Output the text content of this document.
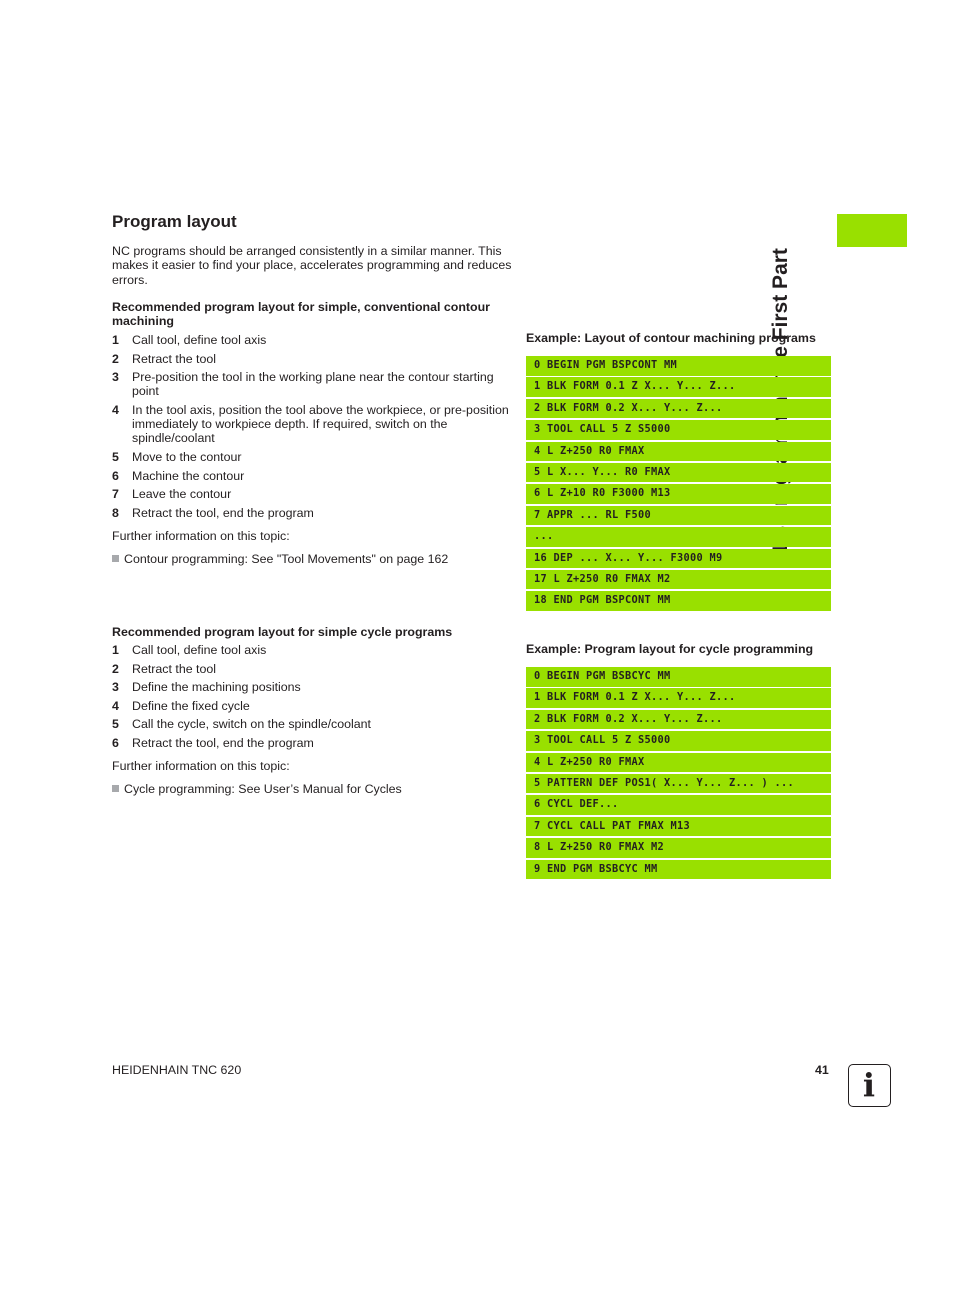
Program layout
NC programs should be arranged consistently in a similar manner. This makes it easier to find your place, accelerates programming and reduces errors.
Recommended program layout for simple, conventional contour machining
1 Call tool, define tool axis
2 Retract the tool
3 Pre-position the tool in the working plane near the contour starting point
4 In the tool axis, position the tool above the workpiece, or pre-position immediately to workpiece depth. If required, switch on the spindle/coolant
5 Move to the contour
6 Machine the contour
7 Leave the contour
8 Retract the tool, end the program
Further information on this topic:
Contour programming: See "Tool Movements" on page 162
Recommended program layout for simple cycle programs
1 Call tool, define tool axis
2 Retract the tool
3 Define the machining positions
4 Define the fixed cycle
5 Call the cycle, switch on the spindle/coolant
6 Retract the tool, end the program
Further information on this topic:
Cycle programming: See User’s Manual for Cycles
Example: Layout of contour machining programs
0 BEGIN PGM BSPCONT MM
1 BLK FORM 0.1 Z X... Y... Z...
2 BLK FORM 0.2 X... Y... Z...
3 TOOL CALL 5 Z S5000
4 L Z+250 R0 FMAX
5 L X... Y... R0 FMAX
6 L Z+10 R0 F3000 M13
7 APPR ... RL F500
...
16 DEP ... X... Y... F3000 M9
17 L Z+250 R0 FMAX M2
18 END PGM BSPCONT MM
Example: Program layout for cycle programming
0 BEGIN PGM BSBCYC MM
1 BLK FORM 0.1 Z X... Y... Z...
2 BLK FORM 0.2 X... Y... Z...
3 TOOL CALL 5 Z S5000
4 L Z+250 R0 FMAX
5 PATTERN DEF POS1( X... Y... Z... ) ...
6 CYCL DEF...
7 CYCL CALL PAT FMAX M13
8 L Z+250 R0 FMAX M2
9 END PGM BSBCYC MM
HEIDENHAIN TNC 620	41	i
